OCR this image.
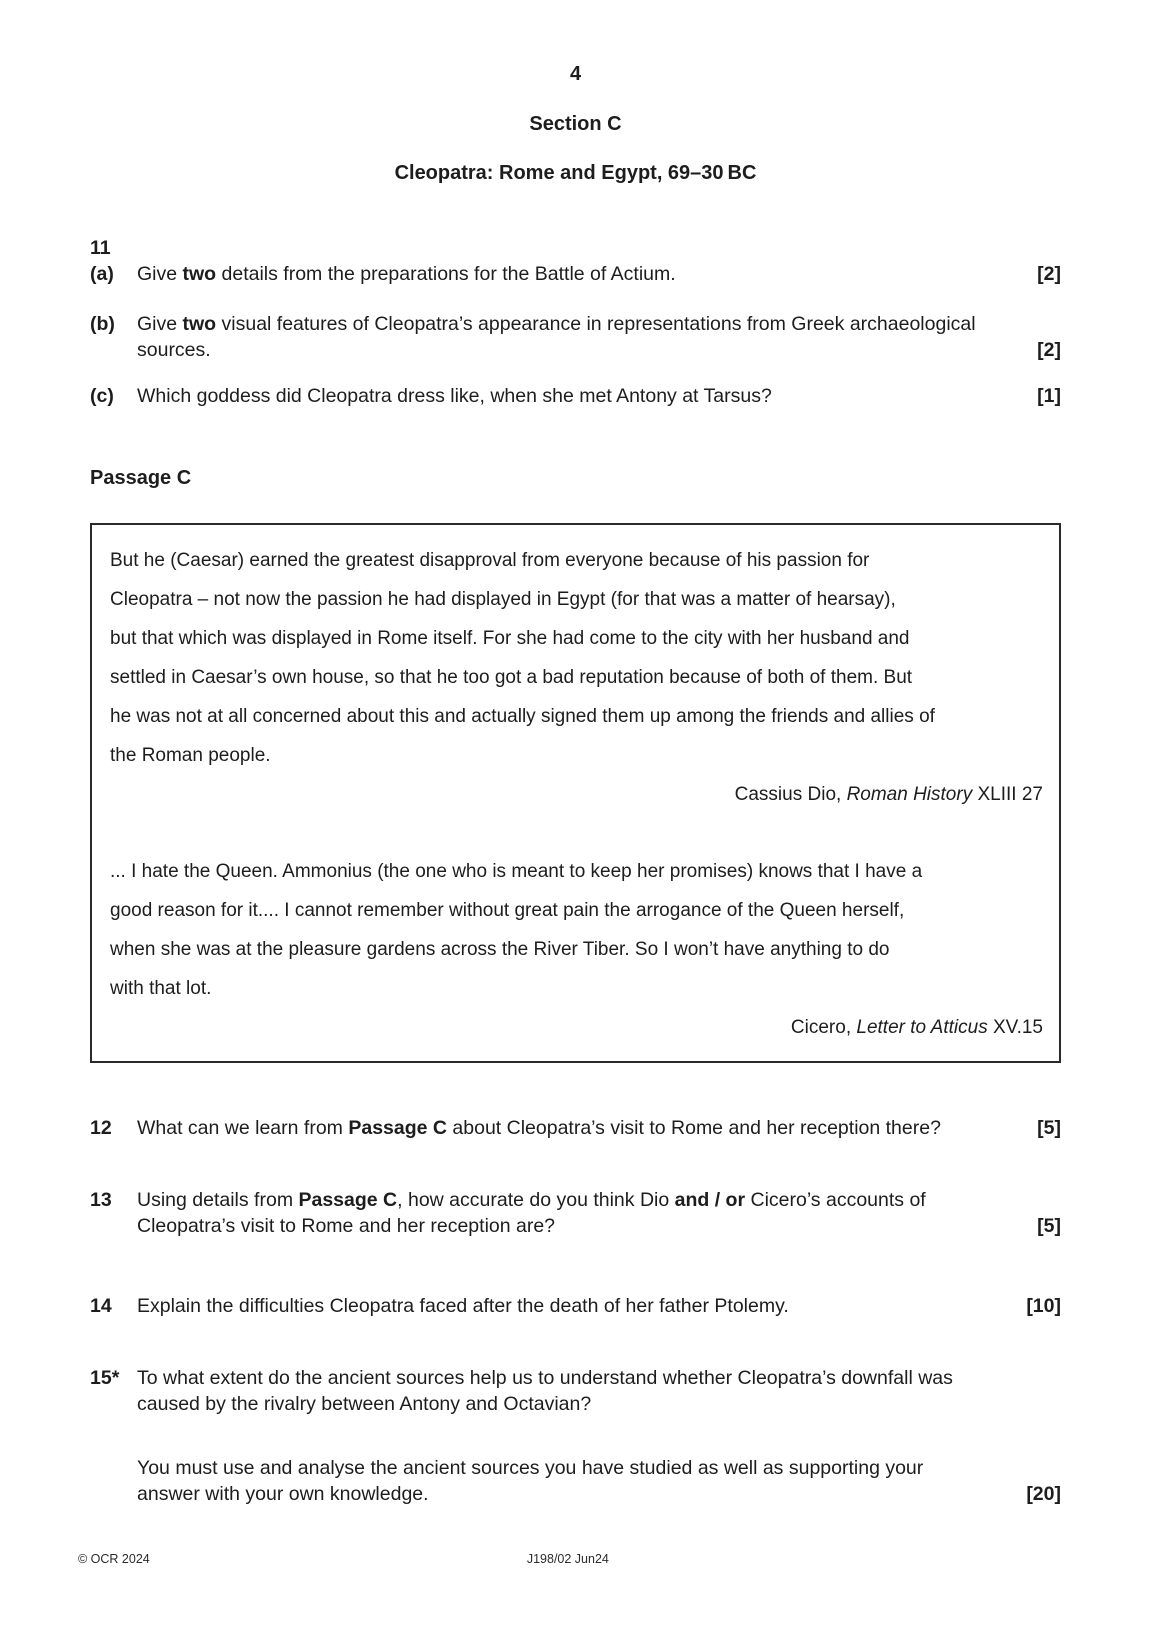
4
Section C
Cleopatra: Rome and Egypt, 69–30 BC
11
(a)	Give two details from the preparations for the Battle of Actium.	[2]
(b)	Give two visual features of Cleopatra’s appearance in representations from Greek archaeological
sources.	[2]
(c)	Which goddess did Cleopatra dress like, when she met Antony at Tarsus?	[1]
Passage C
But he (Caesar) earned the greatest disapproval from everyone because of his passion for
Cleopatra – not now the passion he had displayed in Egypt (for that was a matter of hearsay),
but that which was displayed in Rome itself. For she had come to the city with her husband and
settled in Caesar’s own house, so that he too got a bad reputation because of both of them. But
he was not at all concerned about this and actually signed them up among the friends and allies of
the Roman people.
Cassius Dio, Roman History XLIII 27
... I hate the Queen. Ammonius (the one who is meant to keep her promises) knows that I have a
good reason for it.... I cannot remember without great pain the arrogance of the Queen herself,
when she was at the pleasure gardens across the River Tiber. So I won’t have anything to do
with that lot.
Cicero, Letter to Atticus XV.15
12	What can we learn from Passage C about Cleopatra’s visit to Rome and her reception there?	[5]
13	Using details from Passage C, how accurate do you think Dio and / or Cicero’s accounts of
Cleopatra’s visit to Rome and her reception are?	[5]
14	Explain the difficulties Cleopatra faced after the death of her father Ptolemy.	[10]
15* To what extent do the ancient sources help us to understand whether Cleopatra’s downfall was
caused by the rivalry between Antony and Octavian?
You must use and analyse the ancient sources you have studied as well as supporting your
answer with your own knowledge.	[20]
© OCR 2024	J198/02 Jun24
